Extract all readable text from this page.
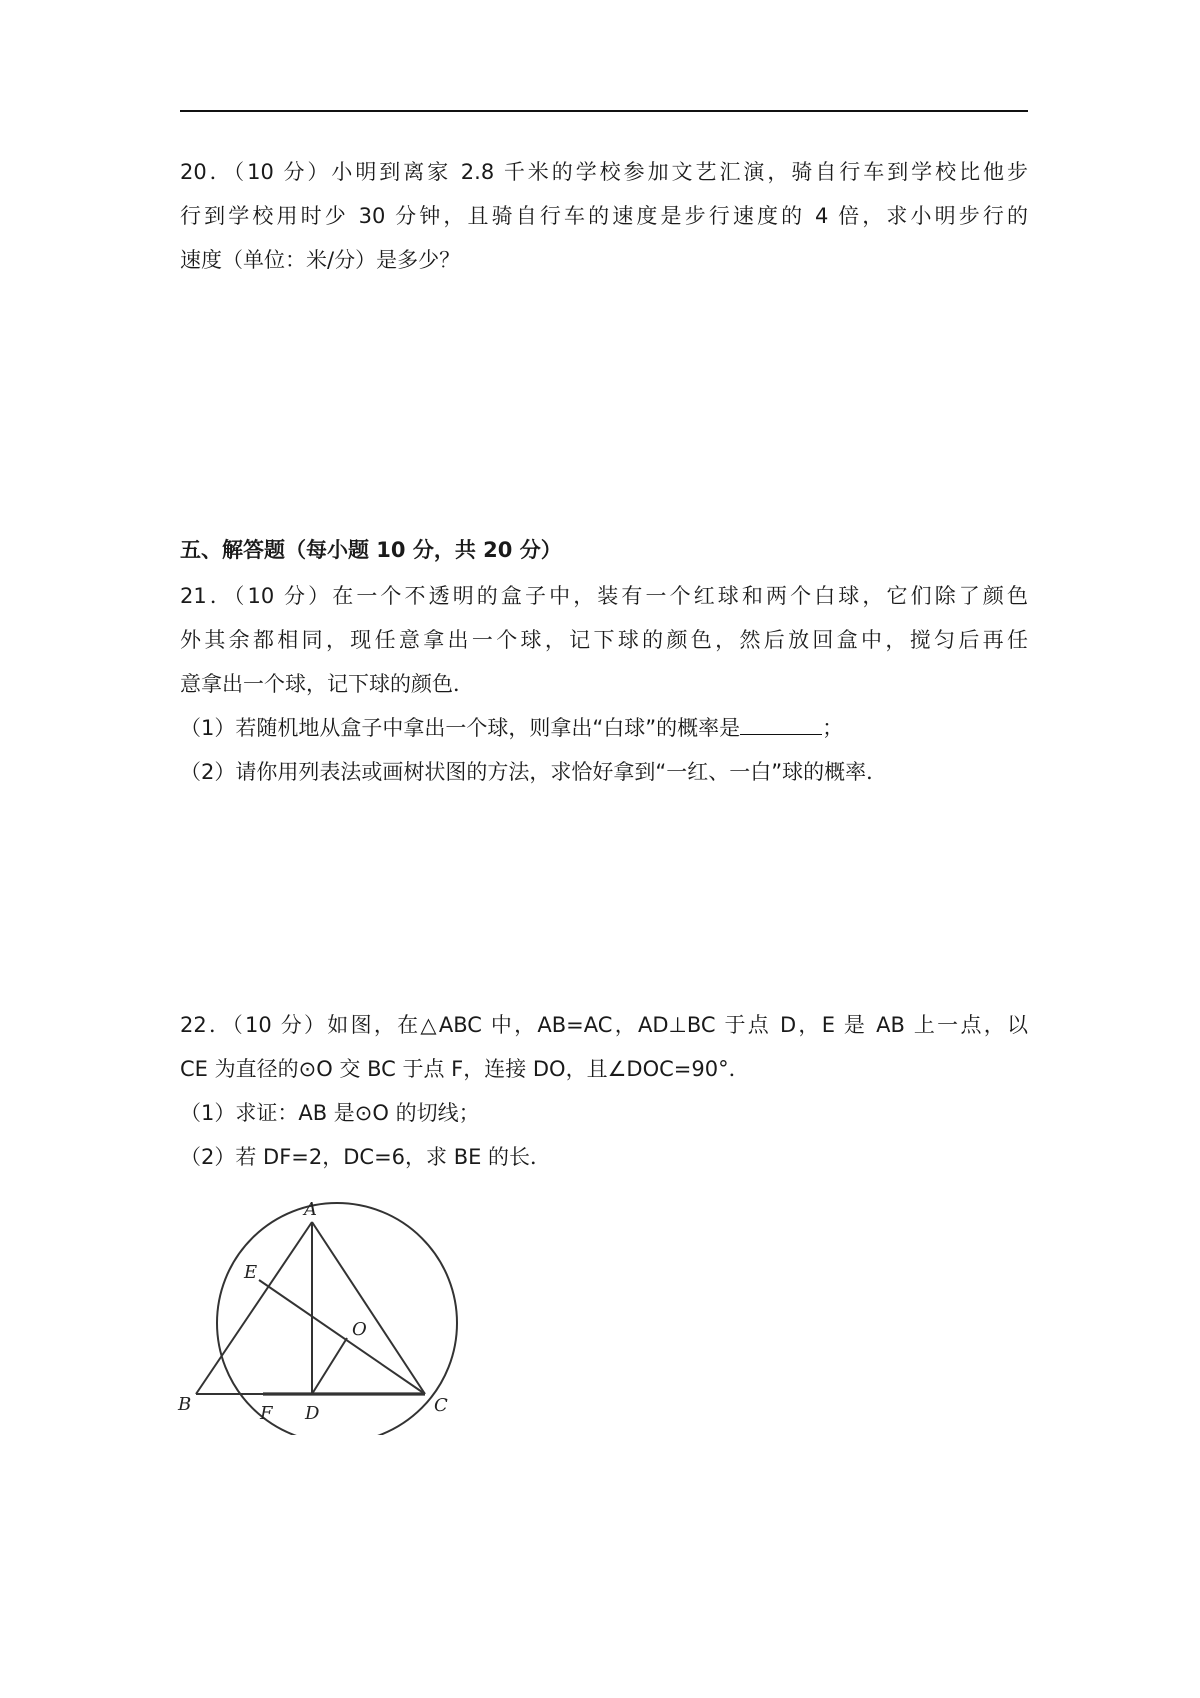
20．（10 分）小明到离家 2.8 千米的学校参加文艺汇演，骑自行车到学校比他步
行到学校用时少 30 分钟，且骑自行车的速度是步行速度的 4 倍，求小明步行的
速度（单位：米/分）是多少？
五、解答题（每小题 10 分，共 20 分）
21．（10 分）在一个不透明的盒子中，装有一个红球和两个白球，它们除了颜色
外其余都相同，现任意拿出一个球，记下球的颜色，然后放回盒中，搅匀后再任
意拿出一个球，记下球的颜色．
（1）若随机地从盒子中拿出一个球，则拿出“白球”的概率是	；
（2）请你用列表法或画树状图的方法，求恰好拿到“一红、一白”球的概率．
22．（10 分）如图，在△ABC 中，AB=AC，AD⊥BC 于点 D，E 是 AB 上一点，以
CE 为直径的⊙O 交 BC 于点 F，连接 DO，且∠DOC=90°．
（1）求证：AB 是⊙O 的切线；
（2）若 DF=2，DC=6，求 BE 的长．
A
E
O
B	F D	C
